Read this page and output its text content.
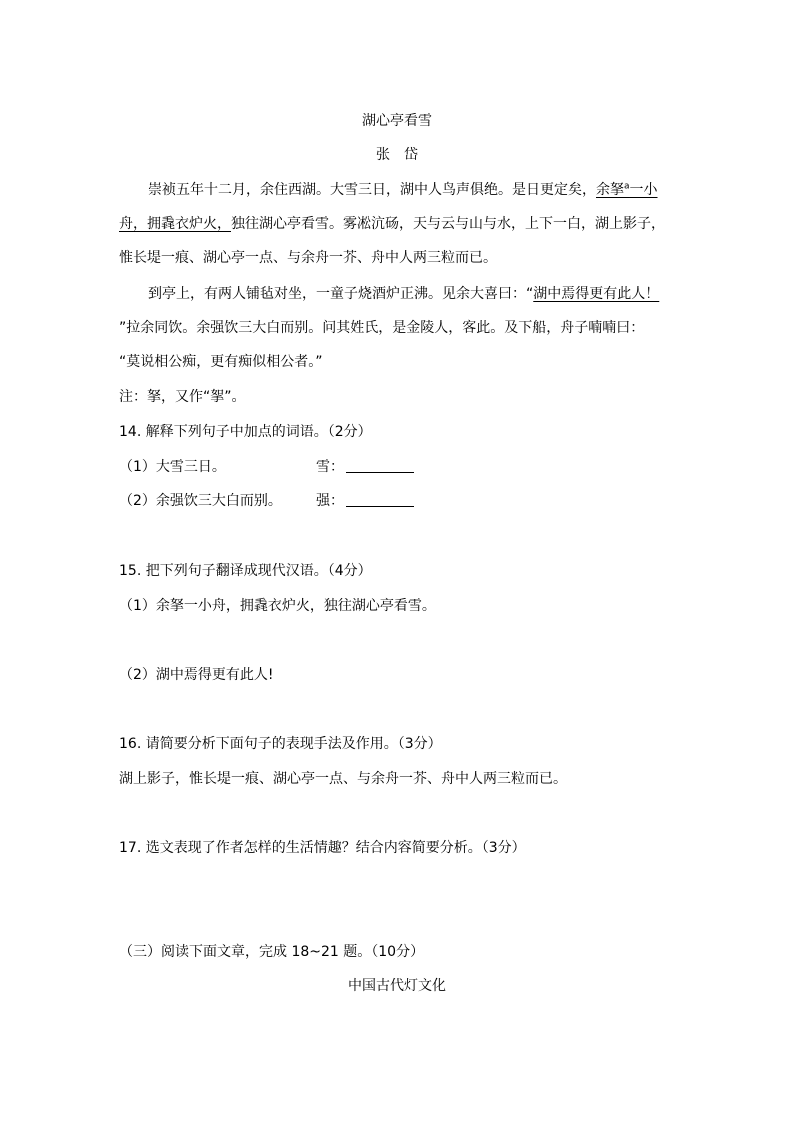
湖心亭看雪
张　岱
崇祯五年十二月，余住西湖。大雪三日，湖中人鸟声俱绝。是日更定矣，余拏$^a$一小
舟，拥毳衣炉火，独往湖心亭看雪。雾凇沆砀，天与云与山与水，上下一白，湖上影子，
惟长堤一痕、湖心亭一点、与余舟一芥、舟中人两三粒而已。
到亭上，有两人铺毡对坐，一童子烧酒炉正沸。见余大喜曰：“湖中焉得更有此人！
”拉余同饮。余强饮三大白而别。问其姓氏，是金陵人，客此。及下船，舟子喃喃曰：
“莫说相公痴，更有痴似相公者。”
注：拏，又作“挐”。
14. 解释下列句子中加点的词语。（2分）
（1）大雪三日。	雪：
（2）余强饮三大白而别。 强：
15. 把下列句子翻译成现代汉语。（4分）
（1）余拏一小舟，拥毳衣炉火，独往湖心亭看雪。
（2）湖中焉得更有此人!
16. 请简要分析下面句子的表现手法及作用。（3分）
湖上影子，惟长堤一痕、湖心亭一点、与余舟一芥、舟中人两三粒而已。
17. 选文表现了作者怎样的生活情趣？结合内容简要分析。（3分）
（三）阅读下面文章，完成 18~21 题。（10分）
中国古代灯文化
